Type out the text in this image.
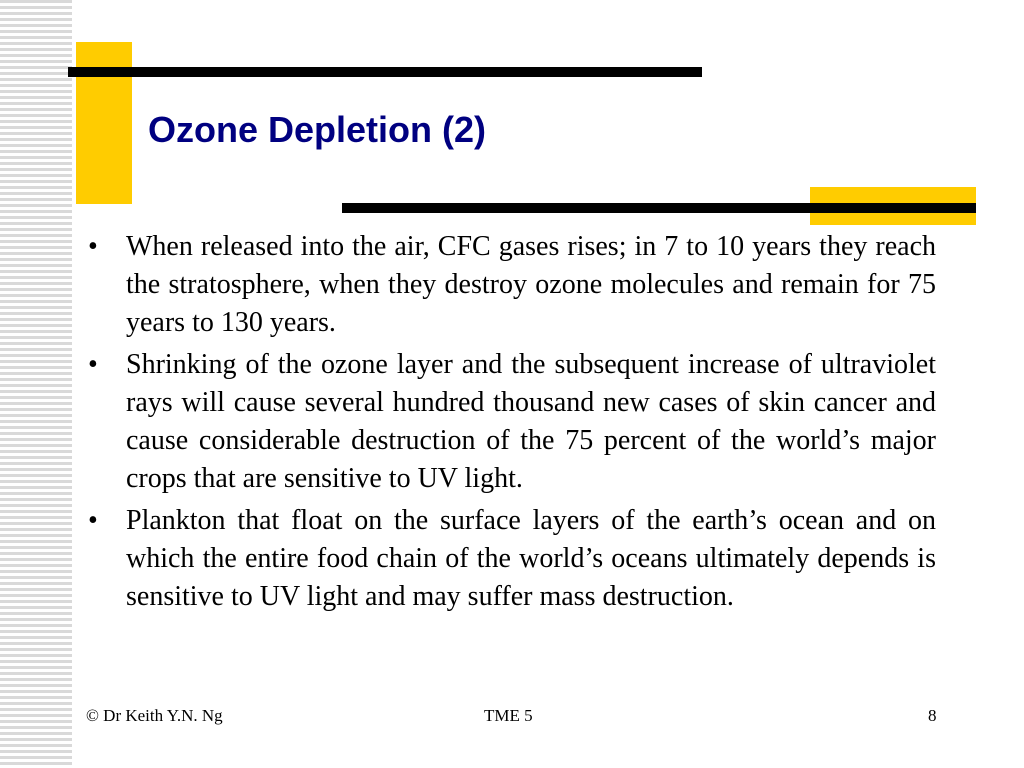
Ozone Depletion (2)
•	When released into the air, CFC gases rises; in 7 to 10 years they reach the stratosphere, when they destroy ozone molecules and remain for 75 years to 130 years.
•	Shrinking of the ozone layer and the subsequent increase of ultraviolet rays will cause several hundred thousand new cases of skin cancer and cause considerable destruction of the 75 percent of the world’s major crops that are sensitive to UV light.
•	Plankton that float on the surface layers of the earth’s ocean and on which the entire food chain of the world’s oceans ultimately depends is sensitive to UV light and may suffer mass destruction.
© Dr Keith Y.N. Ng	TME 5	8
